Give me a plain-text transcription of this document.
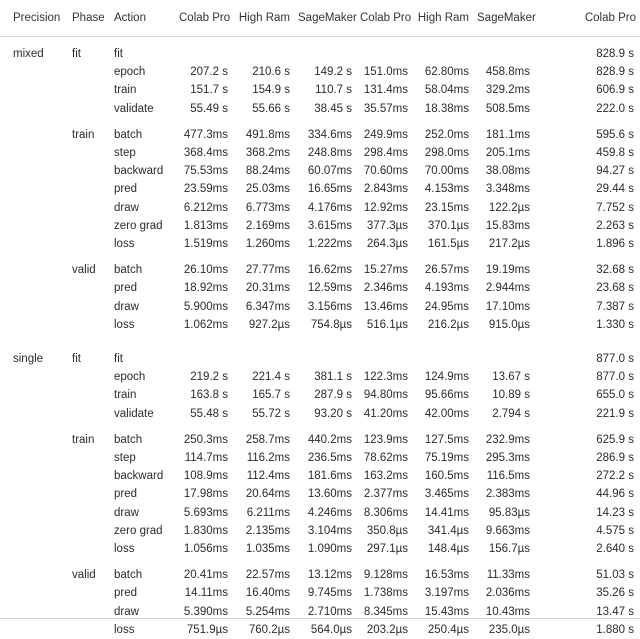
Precision	Phase	Action	Colab Pro	High Ram	SageMaker	Colab Pro	High Ram	SageMaker	Colab Pro

mixed	fit	fit							828.9 s
		epoch	207.2 s	210.6 s	149.2 s	151.0ms	62.80ms	458.8ms	828.9 s
		train	151.7 s	154.9 s	110.7 s	131.4ms	58.04ms	329.2ms	606.9 s
		validate	55.49 s	55.66 s	38.45 s	35.57ms	18.38ms	508.5ms	222.0 s

	train	batch	477.3ms	491.8ms	334.6ms	249.9ms	252.0ms	181.1ms	595.6 s
		step	368.4ms	368.2ms	248.8ms	298.4ms	298.0ms	205.1ms	459.8 s
		backward	75.53ms	88.24ms	60.07ms	70.60ms	70.00ms	38.08ms	94.27 s
		pred	23.59ms	25.03ms	16.65ms	2.843ms	4.153ms	3.348ms	29.44 s
		draw	6.212ms	6.773ms	4.176ms	12.92ms	23.15ms	122.2µs	7.752 s
		zero grad	1.813ms	2.169ms	3.615ms	377.3µs	370.1µs	15.83ms	2.263 s
		loss	1.519ms	1.260ms	1.222ms	264.3µs	161.5µs	217.2µs	1.896 s

	valid	batch	26.10ms	27.77ms	16.62ms	15.27ms	26.57ms	19.19ms	32.68 s
		pred	18.92ms	20.31ms	12.59ms	2.346ms	4.193ms	2.944ms	23.68 s
		draw	5.900ms	6.347ms	3.156ms	13.46ms	24.95ms	17.10ms	7.387 s
		loss	1.062ms	927.2µs	754.8µs	516.1µs	216.2µs	915.0µs	1.330 s

single	fit	fit							877.0 s
		epoch	219.2 s	221.4 s	381.1 s	122.3ms	124.9ms	13.67 s	877.0 s
		train	163.8 s	165.7 s	287.9 s	94.80ms	95.66ms	10.89 s	655.0 s
		validate	55.48 s	55.72 s	93.20 s	41.20ms	42.00ms	2.794 s	221.9 s

	train	batch	250.3ms	258.7ms	440.2ms	123.9ms	127.5ms	232.9ms	625.9 s
		step	114.7ms	116.2ms	236.5ms	78.62ms	75.19ms	295.3ms	286.9 s
		backward	108.9ms	112.4ms	181.6ms	163.2ms	160.5ms	116.5ms	272.2 s
		pred	17.98ms	20.64ms	13.60ms	2.377ms	3.465ms	2.383ms	44.96 s
		draw	5.693ms	6.211ms	4.246ms	8.306ms	14.41ms	95.83µs	14.23 s
		zero grad	1.830ms	2.135ms	3.104ms	350.8µs	341.4µs	9.663ms	4.575 s
		loss	1.056ms	1.035ms	1.090ms	297.1µs	148.4µs	156.7µs	2.640 s

	valid	batch	20.41ms	22.57ms	13.12ms	9.128ms	16.53ms	11.33ms	51.03 s
		pred	14.11ms	16.40ms	9.745ms	1.738ms	3.197ms	2.036ms	35.26 s
		draw	5.390ms	5.254ms	2.710ms	8.345ms	15.43ms	10.43ms	13.47 s
		loss	751.9µs	760.2µs	564.0µs	203.2µs	250.4µs	235.0µs	1.880 s
